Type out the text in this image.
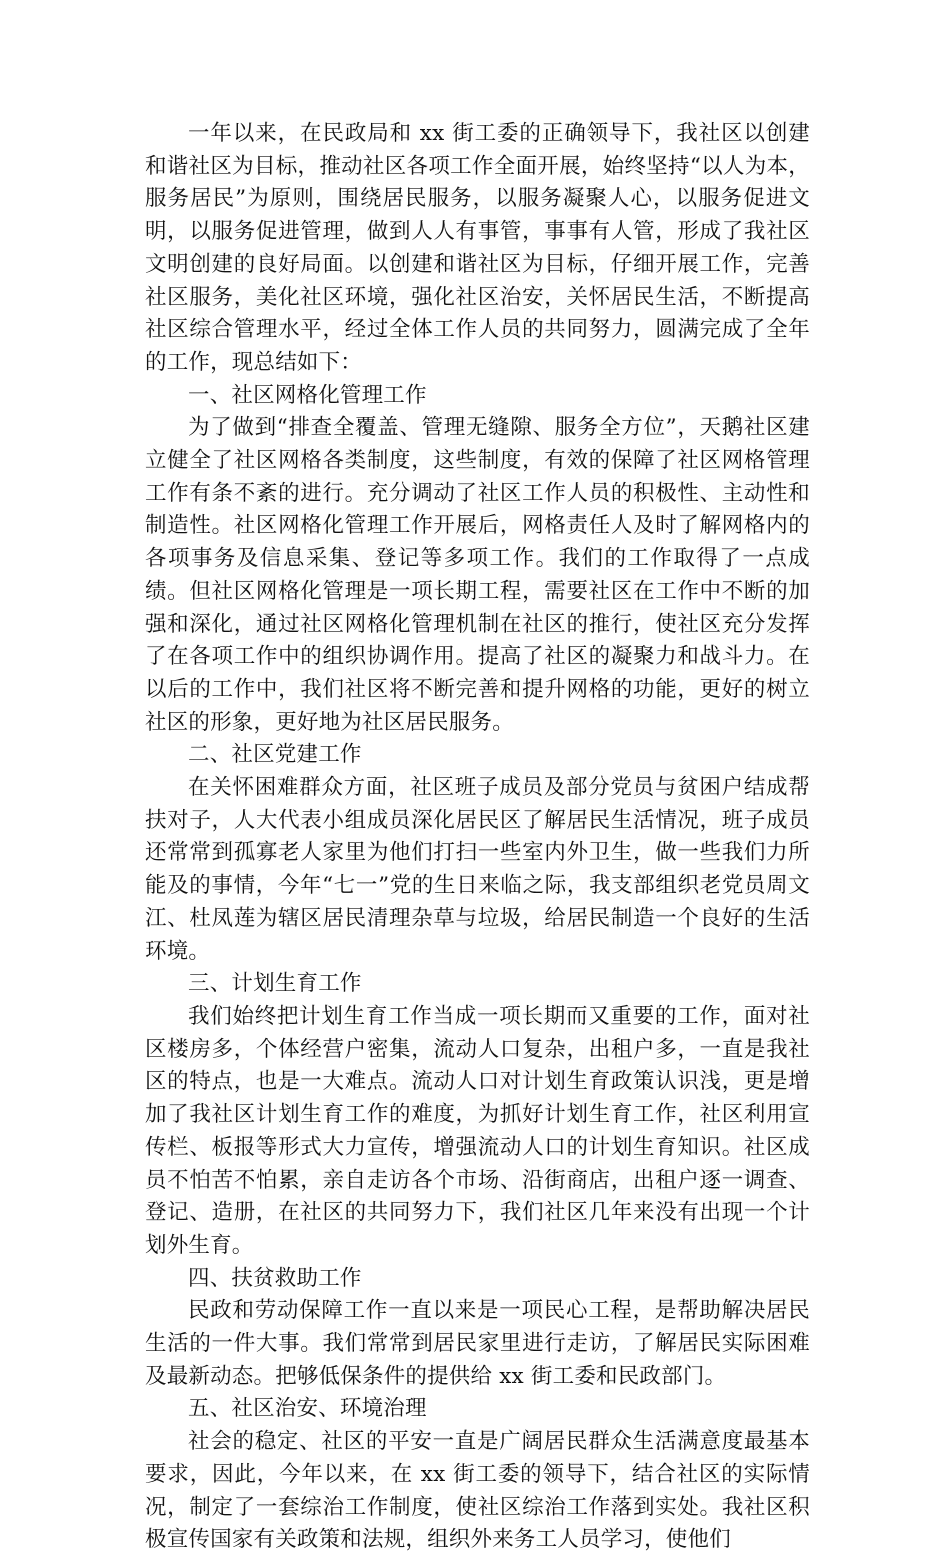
一年以来，在民政局和 xx 街工委的正确领导下，我社区以创建和谐社区为目标，推动社区各项工作全面开展，始终坚持“以人为本，服务居民”为原则，围绕居民服务，以服务凝聚人心，以服务促进文明，以服务促进管理，做到人人有事管，事事有人管，形成了我社区文明创建的良好局面。以创建和谐社区为目标，仔细开展工作，完善社区服务，美化社区环境，强化社区治安，关怀居民生活，不断提高社区综合管理水平，经过全体工作人员的共同努力，圆满完成了全年的工作，现总结如下：

一、社区网格化管理工作

为了做到“排查全覆盖、管理无缝隙、服务全方位”，天鹅社区建立健全了社区网格各类制度，这些制度，有效的保障了社区网格管理工作有条不紊的进行。充分调动了社区工作人员的积极性、主动性和制造性。社区网格化管理工作开展后，网格责任人及时了解网格内的各项事务及信息采集、登记等多项工作。我们的工作取得了一点成绩。但社区网格化管理是一项长期工程，需要社区在工作中不断的加强和深化，通过社区网格化管理机制在社区的推行，使社区充分发挥了在各项工作中的组织协调作用。提高了社区的凝聚力和战斗力。在以后的工作中，我们社区将不断完善和提升网格的功能，更好的树立社区的形象，更好地为社区居民服务。

二、社区党建工作

在关怀困难群众方面，社区班子成员及部分党员与贫困户结成帮扶对子，人大代表小组成员深化居民区了解居民生活情况，班子成员还常常到孤寡老人家里为他们打扫一些室内外卫生，做一些我们力所能及的事情，今年“七一”党的生日来临之际，我支部组织老党员周文江、杜凤莲为辖区居民清理杂草与垃圾，给居民制造一个良好的生活环境。

三、计划生育工作

我们始终把计划生育工作当成一项长期而又重要的工作，面对社区楼房多，个体经营户密集，流动人口复杂，出租户多，一直是我社区的特点，也是一大难点。流动人口对计划生育政策认识浅，更是增加了我社区计划生育工作的难度，为抓好计划生育工作，社区利用宣传栏、板报等形式大力宣传，增强流动人口的计划生育知识。社区成员不怕苦不怕累，亲自走访各个市场、沿街商店，出租户逐一调查、登记、造册，在社区的共同努力下，我们社区几年来没有出现一个计划外生育。

四、扶贫救助工作

民政和劳动保障工作一直以来是一项民心工程，是帮助解决居民生活的一件大事。我们常常到居民家里进行走访，了解居民实际困难及最新动态。把够低保条件的提供给 xx 街工委和民政部门。

五、社区治安、环境治理

社会的稳定、社区的平安一直是广阔居民群众生活满意度最基本要求，因此，今年以来，在 xx 街工委的领导下，结合社区的实际情况，制定了一套综治工作制度，使社区综治工作落到实处。我社区积极宣传国家有关政策和法规，组织外来务工人员学习，使他们
